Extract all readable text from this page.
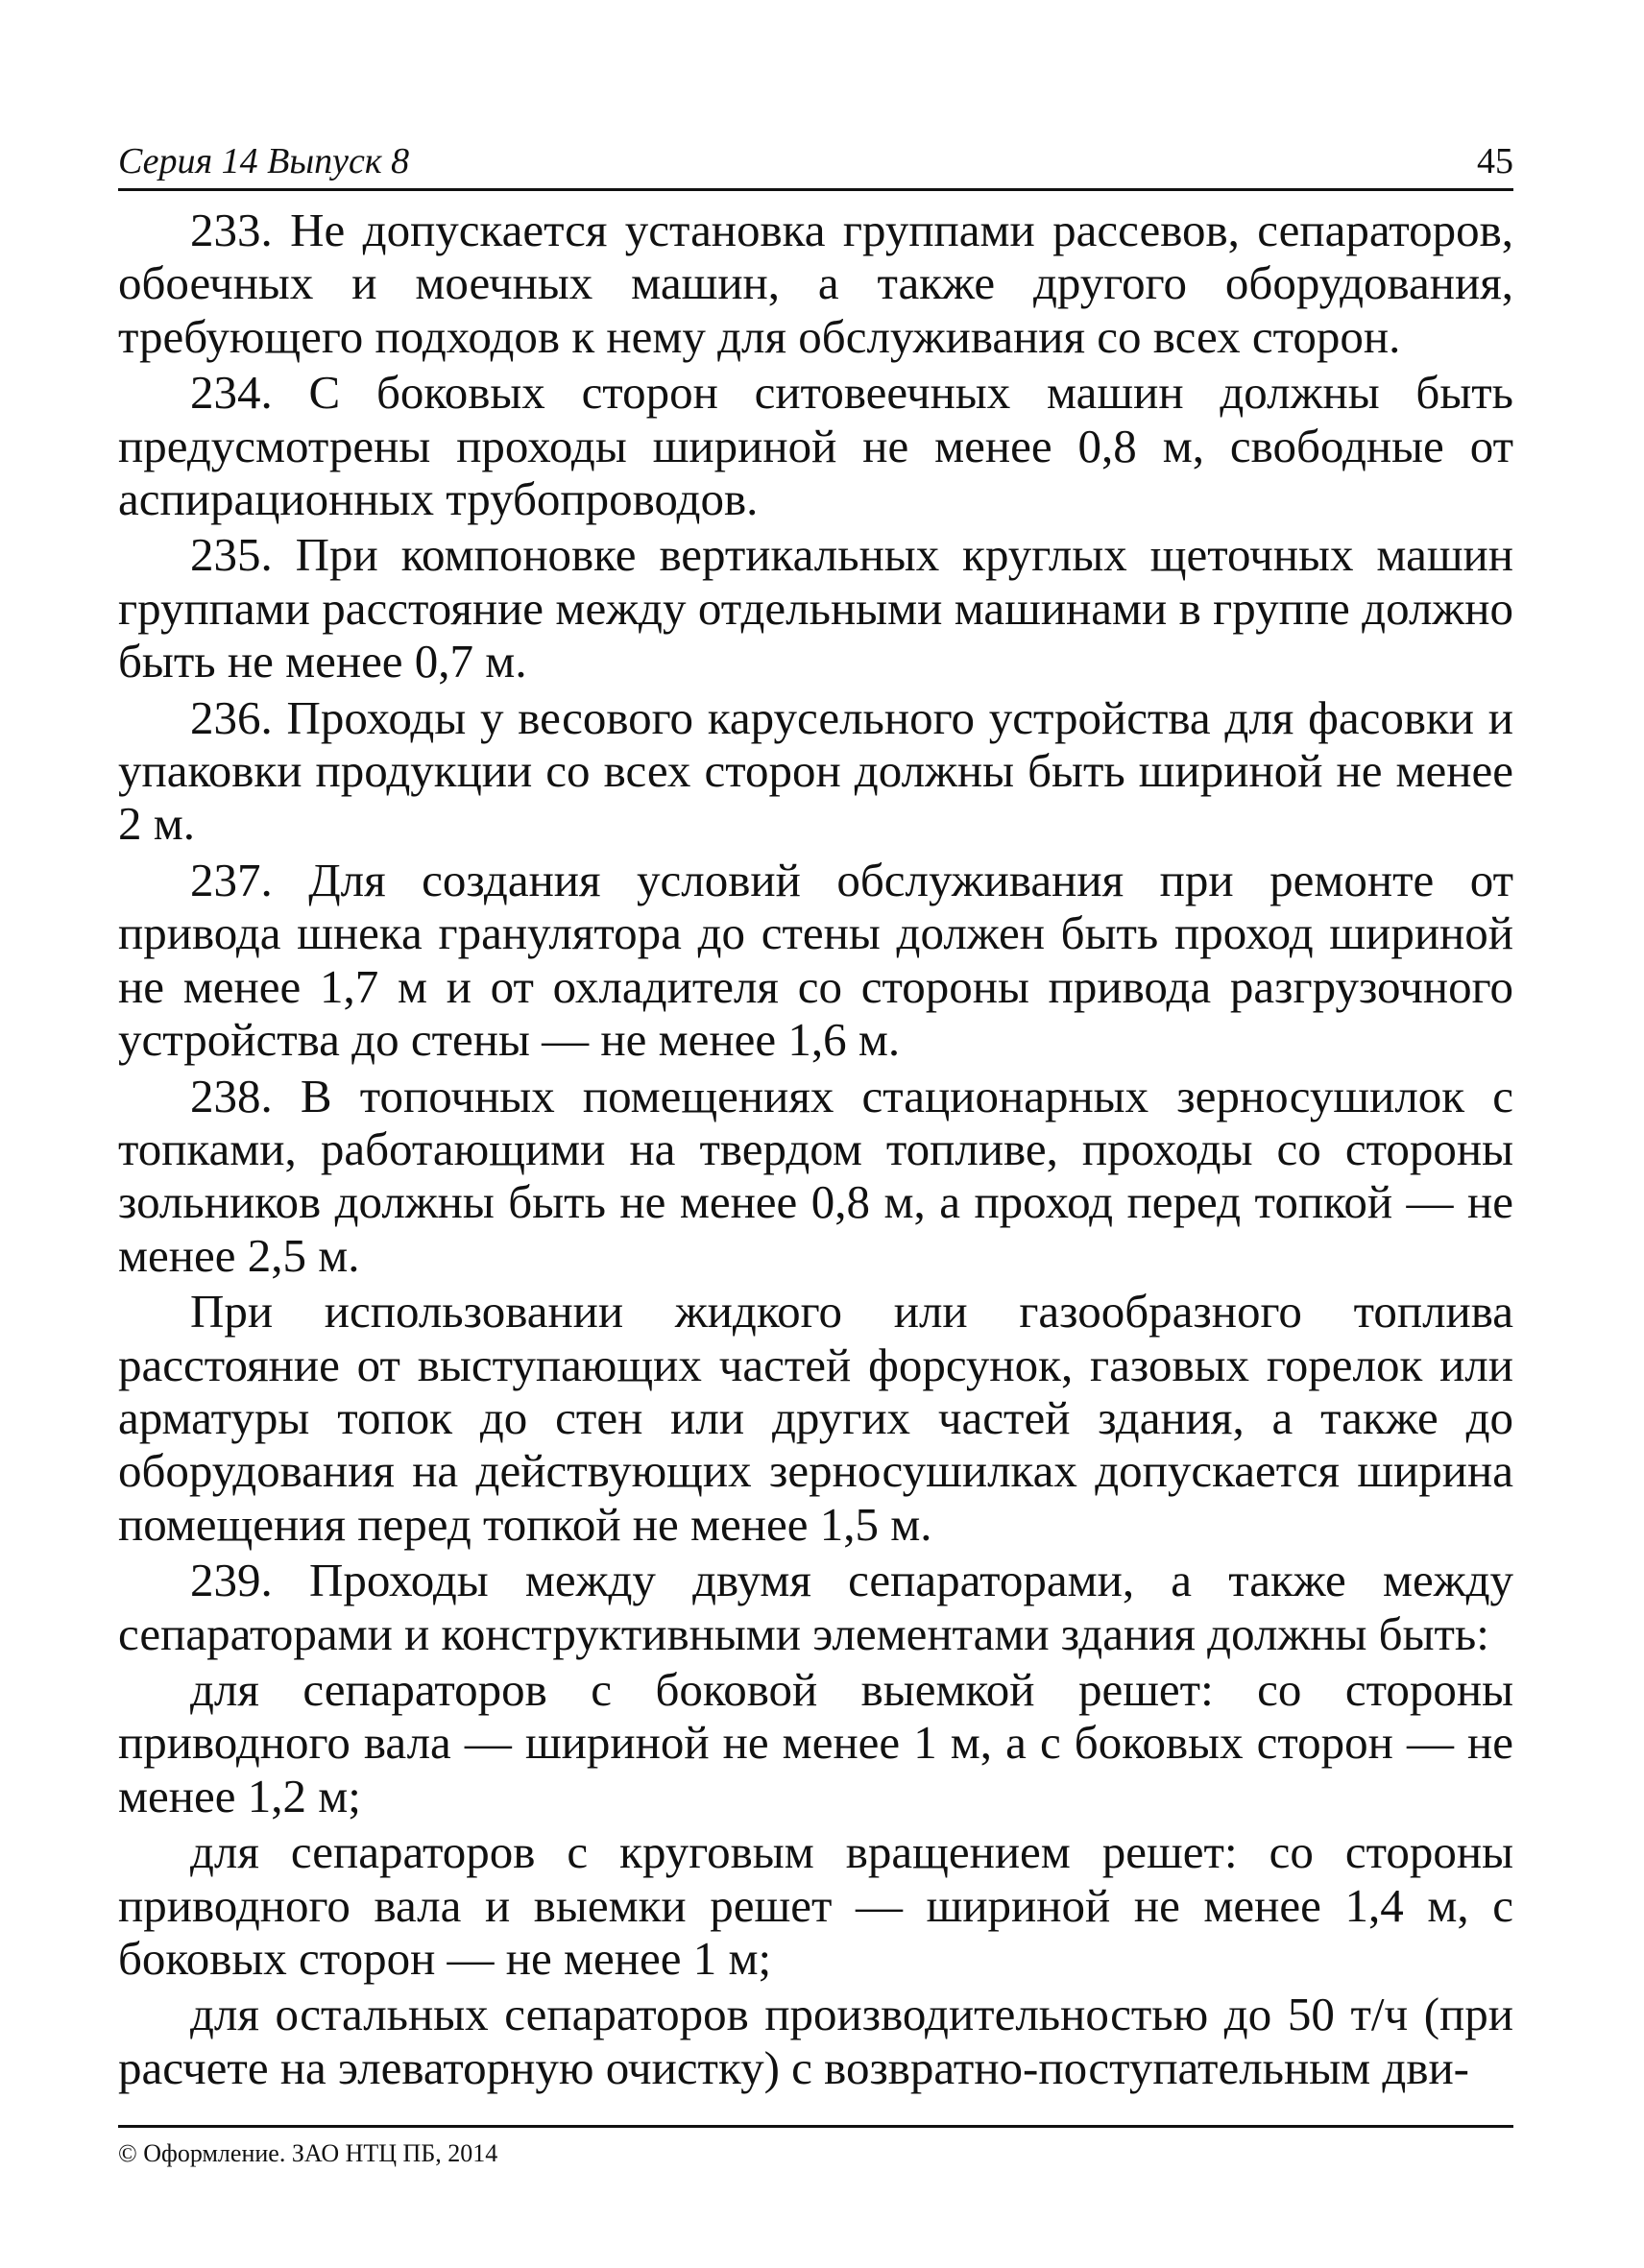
Серия 14 Выпуск 8	45

233. Не допускается установка группами рассевов, сепараторов, обоечных и моечных машин, а также другого оборудования, требующего подходов к нему для обслуживания со всех сторон.

234. С боковых сторон ситовеечных машин должны быть предусмотрены проходы шириной не менее 0,8 м, свободные от аспирационных трубопроводов.

235. При компоновке вертикальных круглых щеточных машин группами расстояние между отдельными машинами в группе должно быть не менее 0,7 м.

236. Проходы у весового карусельного устройства для фасовки и упаковки продукции со всех сторон должны быть шириной не менее 2 м.

237. Для создания условий обслуживания при ремонте от привода шнека гранулятора до стены должен быть проход шириной не менее 1,7 м и от охладителя со стороны привода разгрузочного устройства до стены — не менее 1,6 м.

238. В топочных помещениях стационарных зерносушилок с топками, работающими на твердом топливе, проходы со стороны зольников должны быть не менее 0,8 м, а проход перед топкой — не менее 2,5 м.

При использовании жидкого или газообразного топлива расстояние от выступающих частей форсунок, газовых горелок или арматуры топок до стен или других частей здания, а также до оборудования на действующих зерносушилках допускается ширина помещения перед топкой не менее 1,5 м.

239. Проходы между двумя сепараторами, а также между сепараторами и конструктивными элементами здания должны быть:

для сепараторов с боковой выемкой решет: со стороны приводного вала — шириной не менее 1 м, а с боковых сторон — не менее 1,2 м;

для сепараторов с круговым вращением решет: со стороны приводного вала и выемки решет — шириной не менее 1,4 м, с боковых сторон — не менее 1 м;

для остальных сепараторов производительностью до 50 т/ч (при расчете на элеваторную очистку) с возвратно-поступательным дви-

© Оформление. ЗАО НТЦ ПБ, 2014
